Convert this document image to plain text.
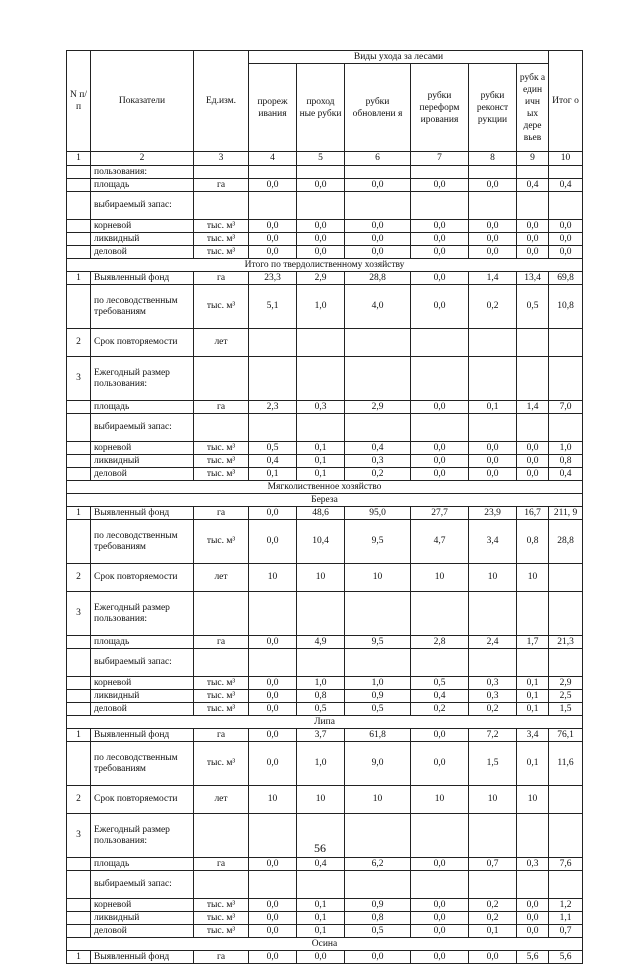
N п/ п	Показатели	Ед.изм.	Виды ухода за лесами						Итог о
			прореж ивания	проход ные рубки	рубки обновлени я	рубки переформ ирования	рубки реконст рукции	рубк а един ичн ых дере вьев	
1	2	3	4	5	6	7	8	9	10
	пользования:								
	площадь	га	0,0	0,0	0,0	0,0	0,0	0,4	0,4
	выбираемый запас:								
	корневой	тыс. м³	0,0	0,0	0,0	0,0	0,0	0,0	0,0
	ликвидный	тыс. м³	0,0	0,0	0,0	0,0	0,0	0,0	0,0
	деловой	тыс. м³	0,0	0,0	0,0	0,0	0,0	0,0	0,0
Итого по твердолиственному хозяйству									
1	Выявленный фонд	га	23,3	2,9	28,8	0,0	1,4	13,4	69,8
	по лесоводственным требованиям	тыс. м³	5,1	1,0	4,0	0,0	0,2	0,5	10,8
2	Срок повторяемости	лет							
3	Ежегодный размер пользования:								
	площадь	га	2,3	0,3	2,9	0,0	0,1	1,4	7,0
	выбираемый запас:								
	корневой	тыс. м³	0,5	0,1	0,4	0,0	0,0	0,0	1,0
	ликвидный	тыс. м³	0,4	0,1	0,3	0,0	0,0	0,0	0,8
	деловой	тыс. м³	0,1	0,1	0,2	0,0	0,0	0,0	0,4
Мягколиственное хозяйство									
Береза									
1	Выявленный фонд	га	0,0	48,6	95,0	27,7	23,9	16,7	211, 9
	по лесоводственным требованиям	тыс. м³	0,0	10,4	9,5	4,7	3,4	0,8	28,8
2	Срок повторяемости	лет	10	10	10	10	10	10	
3	Ежегодный размер пользования:								
	площадь	га	0,0	4,9	9,5	2,8	2,4	1,7	21,3
	выбираемый запас:								
	корневой	тыс. м³	0,0	1,0	1,0	0,5	0,3	0,1	2,9
	ликвидный	тыс. м³	0,0	0,8	0,9	0,4	0,3	0,1	2,5
	деловой	тыс. м³	0,0	0,5	0,5	0,2	0,2	0,1	1,5
Липа									
1	Выявленный фонд	га	0,0	3,7	61,8	0,0	7,2	3,4	76,1
	по лесоводственным требованиям	тыс. м³	0,0	1,0	9,0	0,0	1,5	0,1	11,6
2	Срок повторяемости	лет	10	10	10	10	10	10	
3	Ежегодный размер пользования:								
	площадь	га	0,0	0,4	6,2	0,0	0,7	0,3	7,6
	выбираемый запас:								
	корневой	тыс. м³	0,0	0,1	0,9	0,0	0,2	0,0	1,2
	ликвидный	тыс. м³	0,0	0,1	0,8	0,0	0,2	0,0	1,1
	деловой	тыс. м³	0,0	0,1	0,5	0,0	0,1	0,0	0,7
Осина									
1	Выявленный фонд	га	0,0	0,0	0,0	0,0	0,0	5,6	5,6
56
